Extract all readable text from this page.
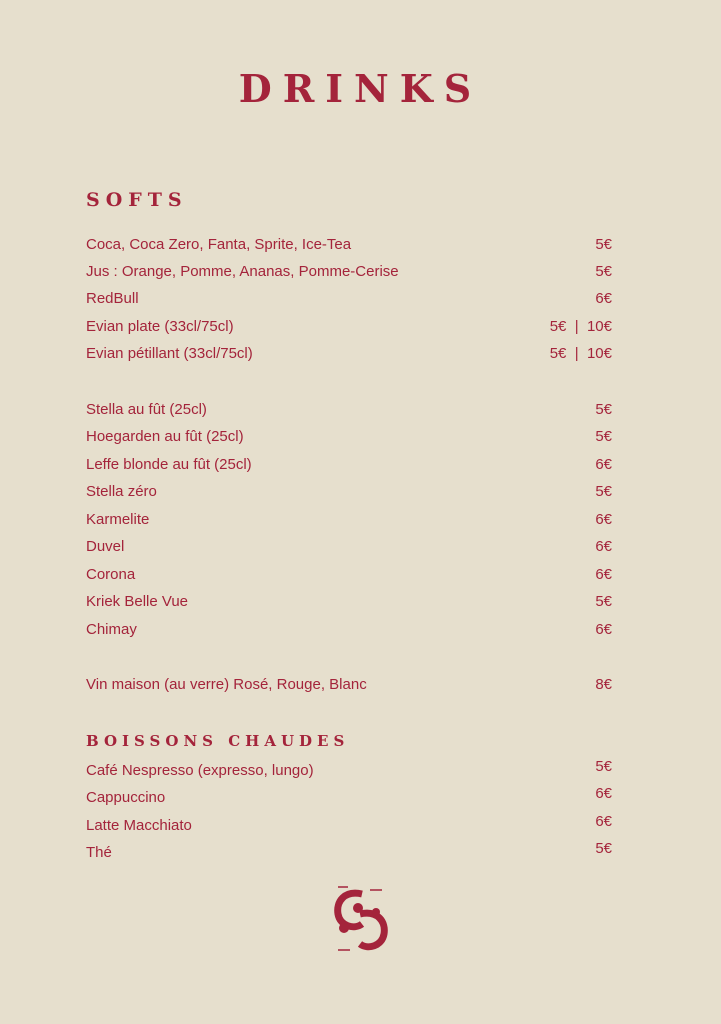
DRINKS
SOFTS
Coca, Coca Zero, Fanta, Sprite, Ice-Tea	5€
Jus : Orange, Pomme, Ananas, Pomme-Cerise	5€
RedBull	6€
Evian plate (33cl/75cl)	5€  |  10€
Evian pétillant (33cl/75cl)	5€  |  10€
Stella au fût (25cl)	5€
Hoegarden au fût (25cl)	5€
Leffe blonde au fût (25cl)	6€
Stella zéro	5€
Karmelite	6€
Duvel	6€
Corona	6€
Kriek Belle Vue	5€
Chimay	6€
Vin maison (au verre) Rosé, Rouge, Blanc	8€
BOISSONS CHAUDES
Café Nespresso (expresso, lungo)	5€
Cappuccino	6€
Latte Macchiato	6€
Thé	5€
